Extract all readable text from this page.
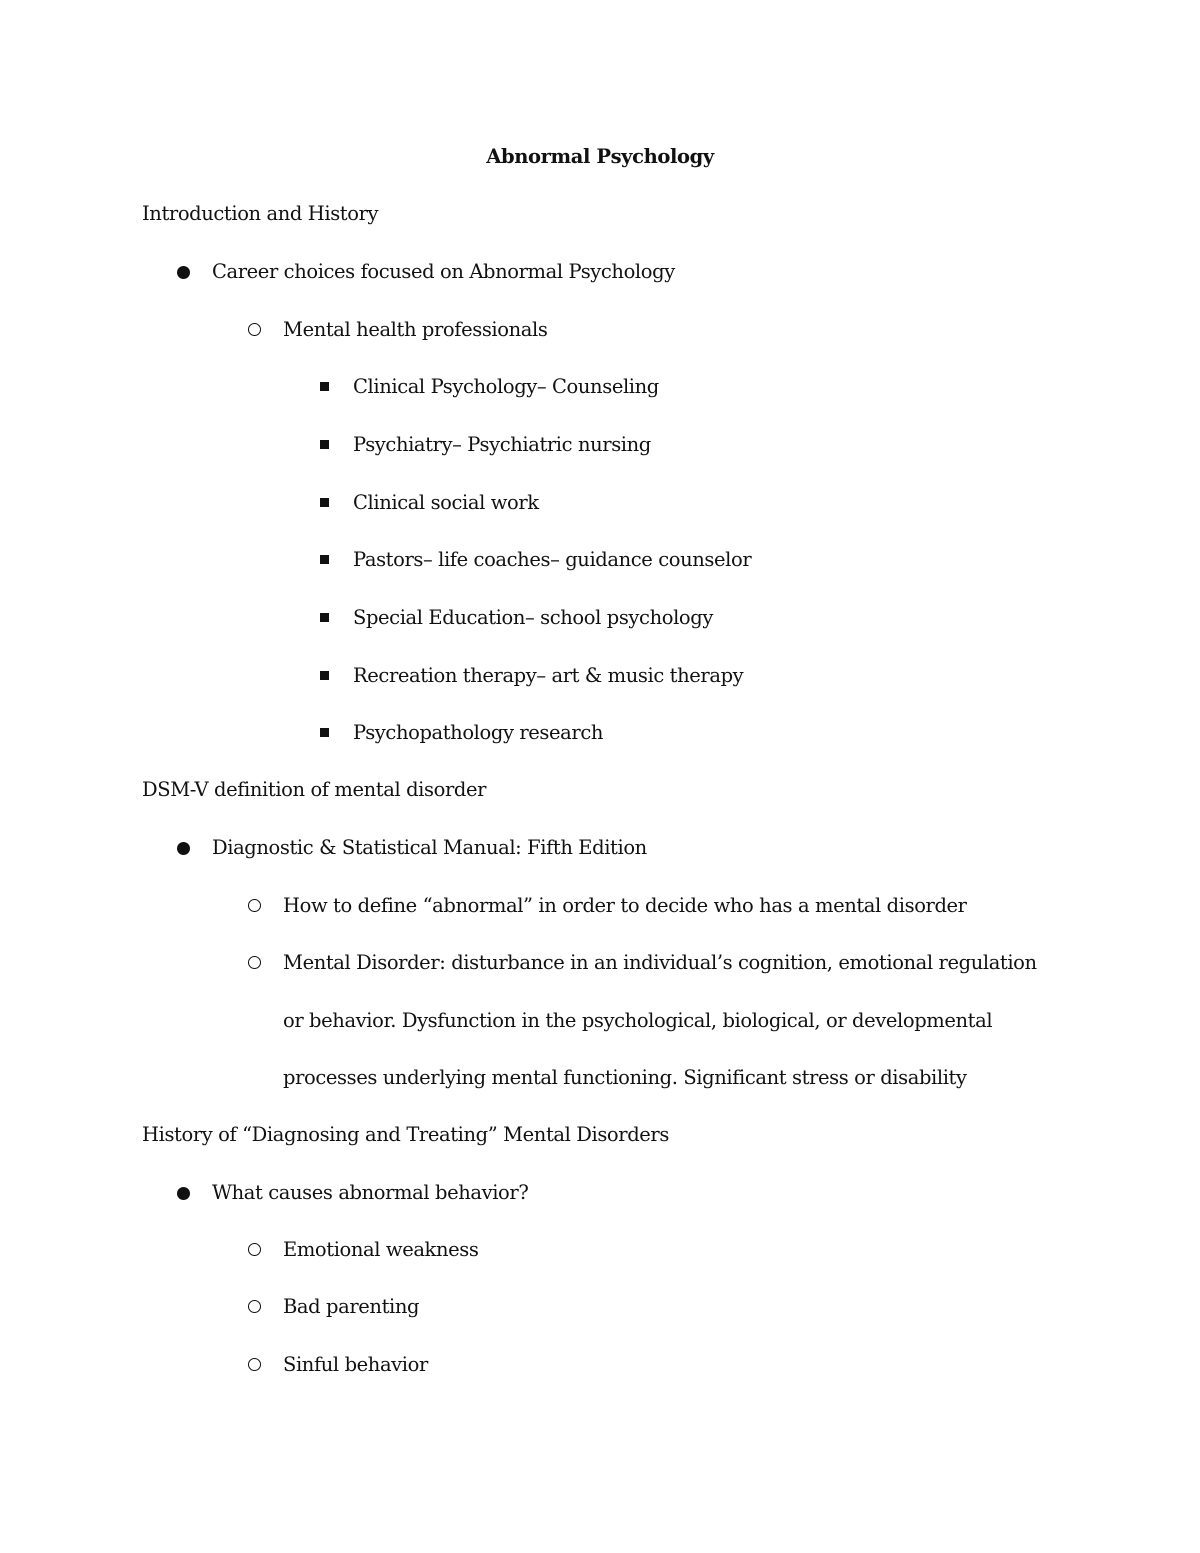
Abnormal Psychology
Introduction and History
Career choices focused on Abnormal Psychology
Mental health professionals
Clinical Psychology– Counseling
Psychiatry– Psychiatric nursing
Clinical social work
Pastors– life coaches– guidance counselor
Special Education– school psychology
Recreation therapy– art & music therapy
Psychopathology research
DSM-V definition of mental disorder
Diagnostic & Statistical Manual: Fifth Edition
How to define “abnormal” in order to decide who has a mental disorder
Mental Disorder: disturbance in an individual’s cognition, emotional regulation
or behavior. Dysfunction in the psychological, biological, or developmental
processes underlying mental functioning. Significant stress or disability
History of “Diagnosing and Treating” Mental Disorders
What causes abnormal behavior?
Emotional weakness
Bad parenting
Sinful behavior
